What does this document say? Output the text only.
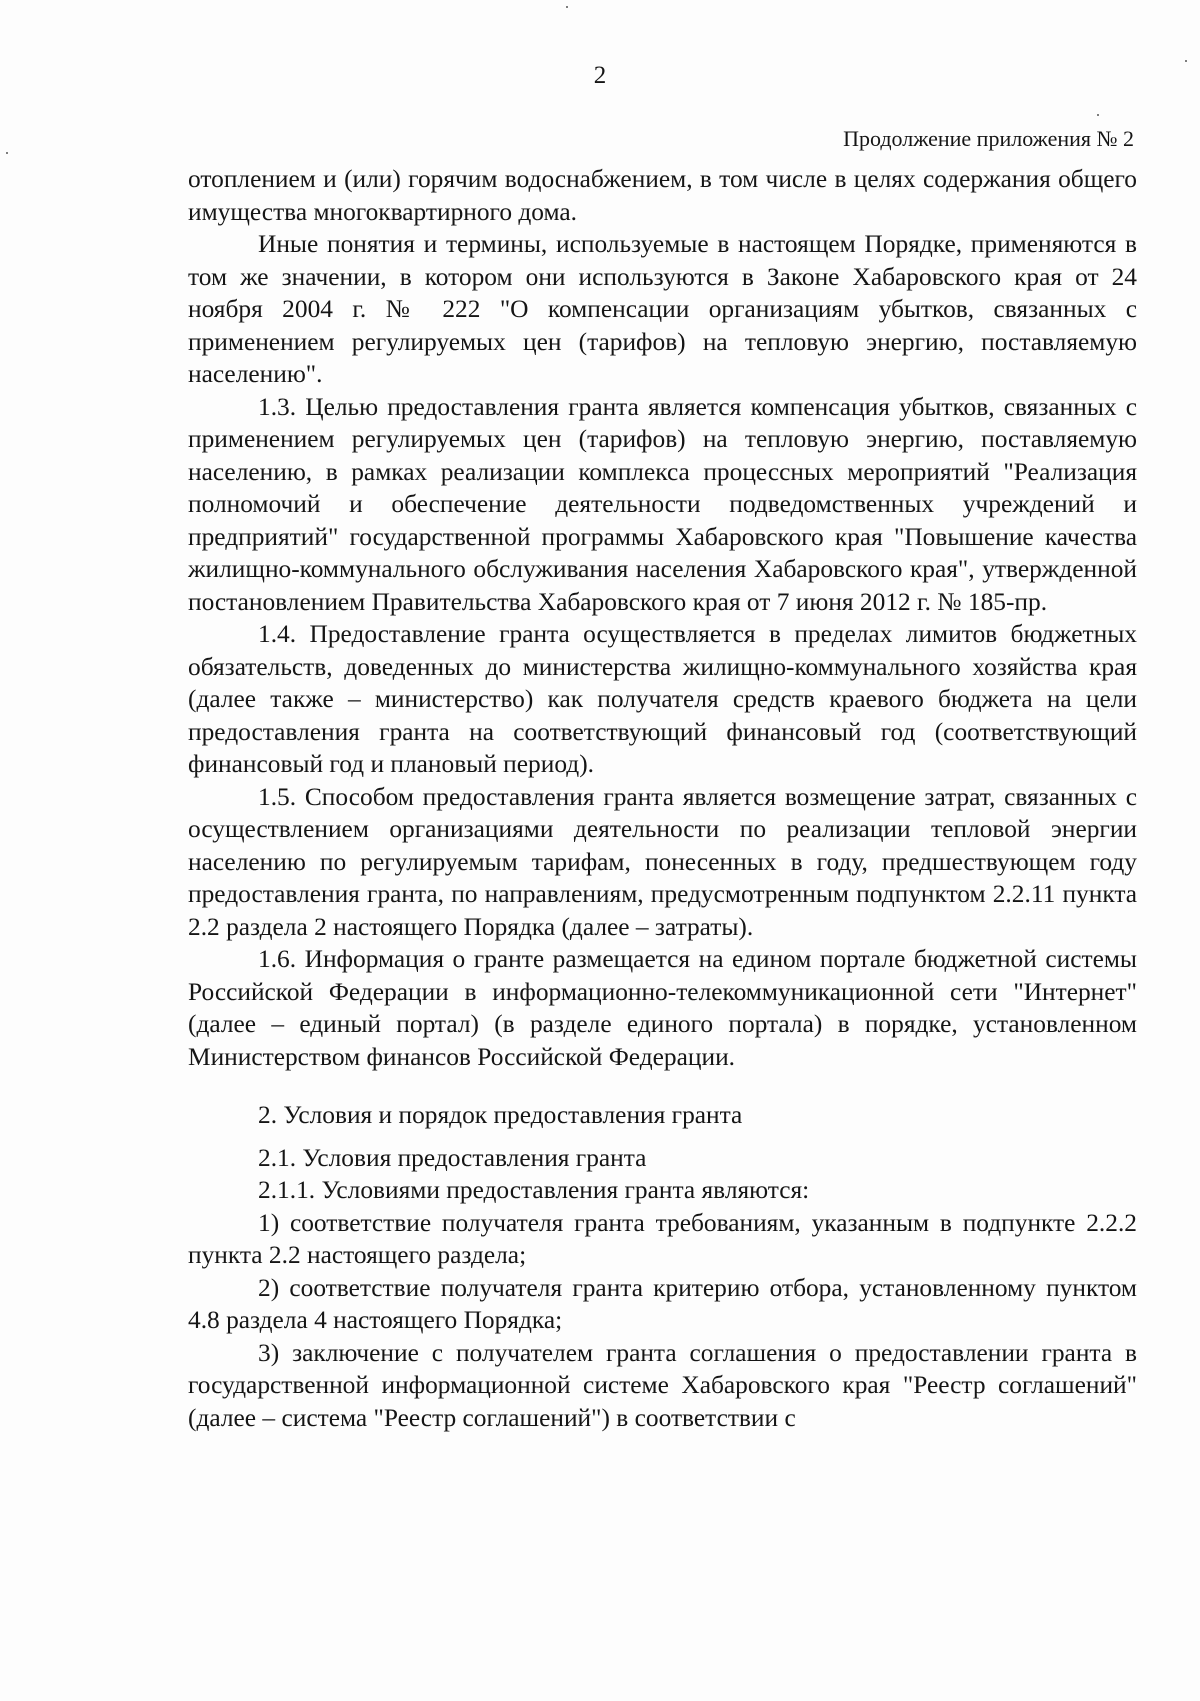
2
Продолжение приложения № 2

отоплением и (или) горячим водоснабжением, в том числе в целях содержания общего имущества многоквартирного дома.

Иные понятия и термины, используемые в настоящем Порядке, применяются в том же значении, в котором они используются в Законе Хабаровского края от 24 ноября 2004 г. № 222 "О компенсации организациям убытков, связанных с применением регулируемых цен (тарифов) на тепловую энергию, поставляемую населению".

1.3. Целью предоставления гранта является компенсация убытков, связанных с применением регулируемых цен (тарифов) на тепловую энергию, поставляемую населению, в рамках реализации комплекса процессных мероприятий "Реализация полномочий и обеспечение деятельности подведомственных учреждений и предприятий" государственной программы Хабаровского края "Повышение качества жилищно-коммунального обслуживания населения Хабаровского края", утвержденной постановлением Правительства Хабаровского края от 7 июня 2012 г. № 185-пр.

1.4. Предоставление гранта осуществляется в пределах лимитов бюджетных обязательств, доведенных до министерства жилищно-коммунального хозяйства края (далее также – министерство) как получателя средств краевого бюджета на цели предоставления гранта на соответствующий финансовый год (соответствующий финансовый год и плановый период).

1.5. Способом предоставления гранта является возмещение затрат, связанных с осуществлением организациями деятельности по реализации тепловой энергии населению по регулируемым тарифам, понесенных в году, предшествующем году предоставления гранта, по направлениям, предусмотренным подпунктом 2.2.11 пункта 2.2 раздела 2 настоящего Порядка (далее – затраты).

1.6. Информация о гранте размещается на едином портале бюджетной системы Российской Федерации в информационно-телекоммуникационной сети "Интернет" (далее – единый портал) (в разделе единого портала) в порядке, установленном Министерством финансов Российской Федерации.

2. Условия и порядок предоставления гранта

2.1. Условия предоставления гранта

2.1.1. Условиями предоставления гранта являются:

1) соответствие получателя гранта требованиям, указанным в подпункте 2.2.2 пункта 2.2 настоящего раздела;

2) соответствие получателя гранта критерию отбора, установленному пунктом 4.8 раздела 4 настоящего Порядка;

3) заключение с получателем гранта соглашения о предоставлении гранта в государственной информационной системе Хабаровского края "Реестр соглашений" (далее – система "Реестр соглашений") в соответствии с
